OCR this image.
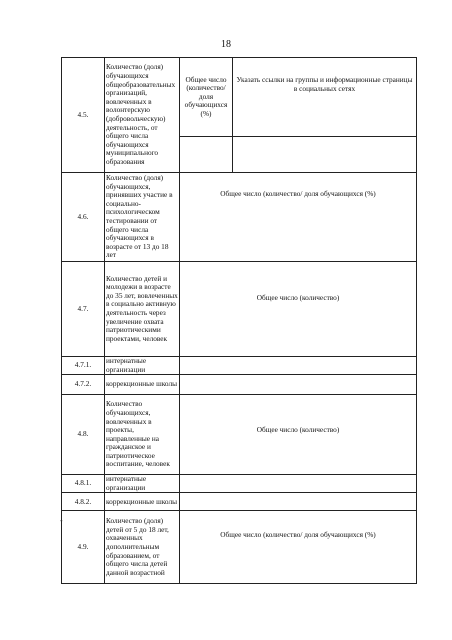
18
4.5.	Количество (доля) обучающихся общеобразовательных организаций, вовлеченных в волонтерскую (добровольческую) деятельность, от общего числа обучающихся муниципального образования	Общее число (количество/ доля обучающихся (%)	Указать ссылки на группы и информационные страницы в социальных сетях

4.6.	Количество (доля) обучающихся, принявших участие в социально-психологическом тестировании от общего числа обучающихся в возрасте от 13 до 18 лет	Общее число (количество/ доля обучающихся (%)	
4.7.	Количество детей и молодежи в возрасте до 35 лет, вовлеченных в социально активную деятельность через увеличение охвата патриотическими проектами, человек	Общее число (количество)	
4.7.1.	интернатные организации		
4.7.2.	коррекционные школы		
4.8.	Количество обучающихся, вовлеченных в проекты, направленные на гражданское и патриотическое воспитание, человек	Общее число (количество)	
4.8.1.	интернатные организации		
4.8.2.	коррекционные школы		
4.9.	Количество (доля) детей от 5 до 18 лет, охваченных дополнительным образованием, от общего числа детей данной возрастной	Общее число (количество/ доля обучающихся (%)	
-
